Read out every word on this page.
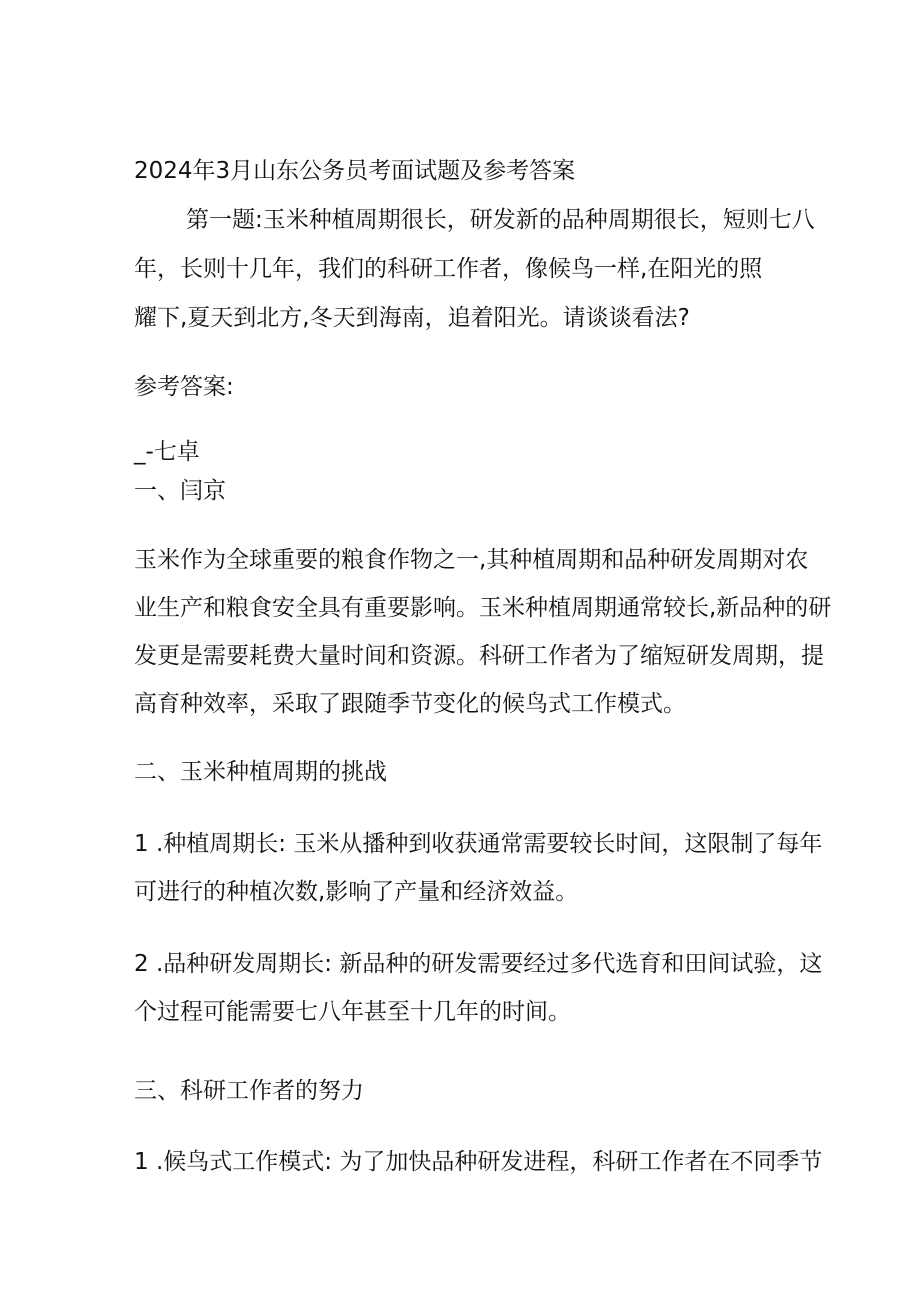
2024年3月山东公务员考面试题及参考答案

第一题:玉米种植周期很长，研发新的品种周期很长，短则七八
年，长则十几年，我们的科研工作者，像候鸟一样,在阳光的照
耀下,夏天到北方,冬天到海南，追着阳光。请谈谈看法?

参考答案:

_-七卓

一、闫京

玉米作为全球重要的粮食作物之一,其种植周期和品种研发周期对农
业生产和粮食安全具有重要影响。玉米种植周期通常较长,新品种的研
发更是需要耗费大量时间和资源。科研工作者为了缩短研发周期，提
高育种效率，采取了跟随季节变化的候鸟式工作模式。

二、玉米种植周期的挑战

1 .种植周期长: 玉米从播种到收获通常需要较长时间，这限制了每年
可进行的种植次数,影响了产量和经济效益。
2 .品种研发周期长: 新品种的研发需要经过多代选育和田间试验，这
个过程可能需要七八年甚至十几年的时间。

三、科研工作者的努力

1 .候鸟式工作模式: 为了加快品种研发进程，科研工作者在不同季节
